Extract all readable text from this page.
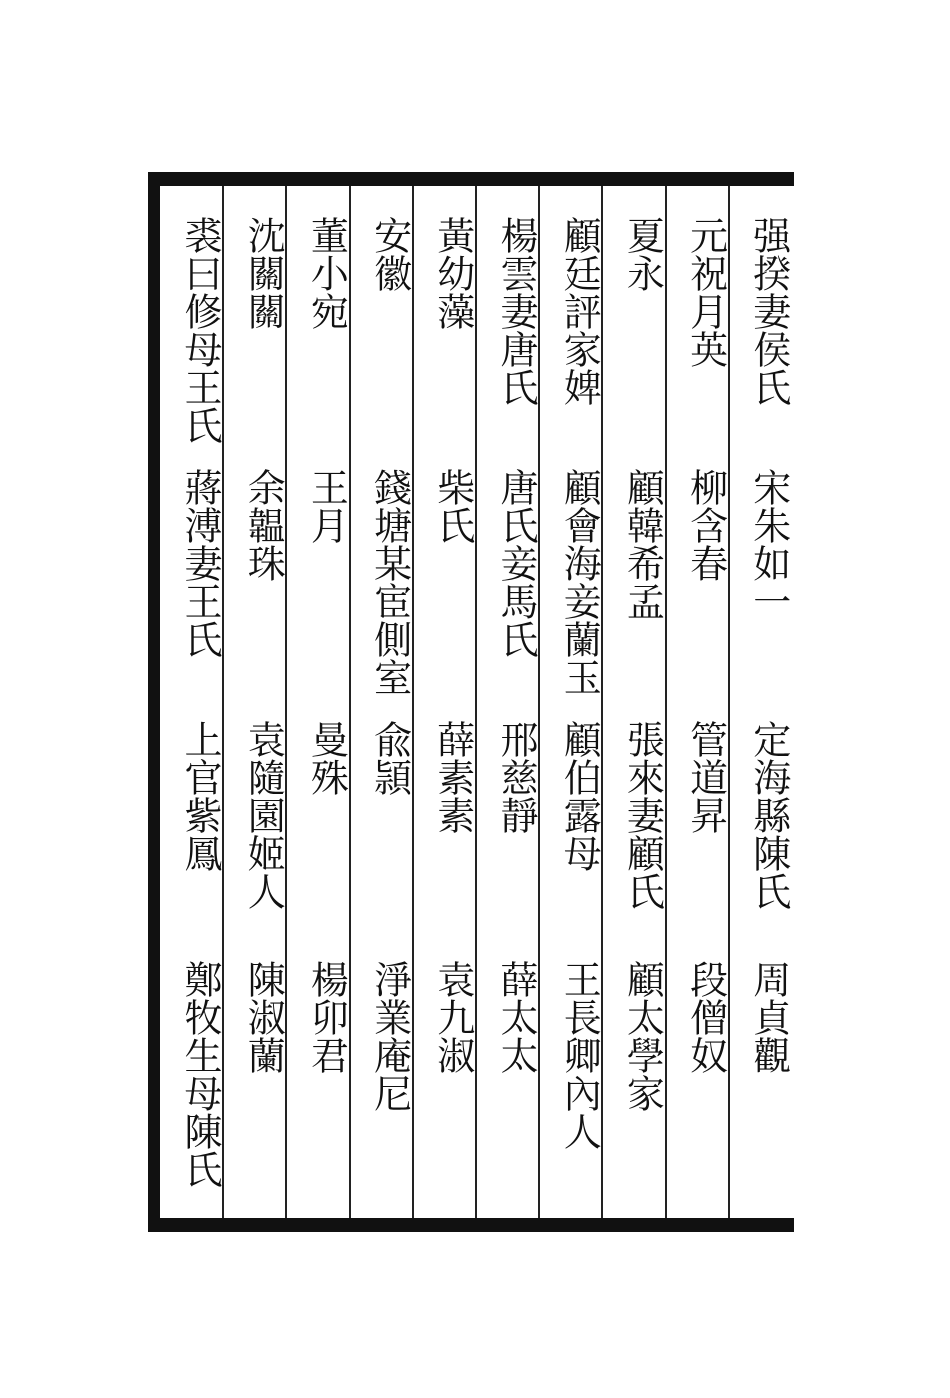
强揆妻侯氏
宋朱如一
定海縣陳氏
周貞觀
元祝月英
柳含春
管道昇
段僧奴
夏永
顧韓希孟
張來妻顧氏
顧太學家
顧廷評家婢
顧會海妾蘭玉
顧伯露母
王長卿內人
楊雲妻唐氏
唐氏妾馬氏
邢慈靜
薛太太
黃幼藻
柴氏
薛素素
袁九淑
安徽
錢塘某宦側室
兪頴
淨業庵尼
董小宛
王月
曼殊
楊卯君
沈關關
余韞珠
袁隨園姬人
陳淑蘭
裘曰修母王氏
蔣溥妻王氏
上官紫鳳
鄭牧生母陳氏
